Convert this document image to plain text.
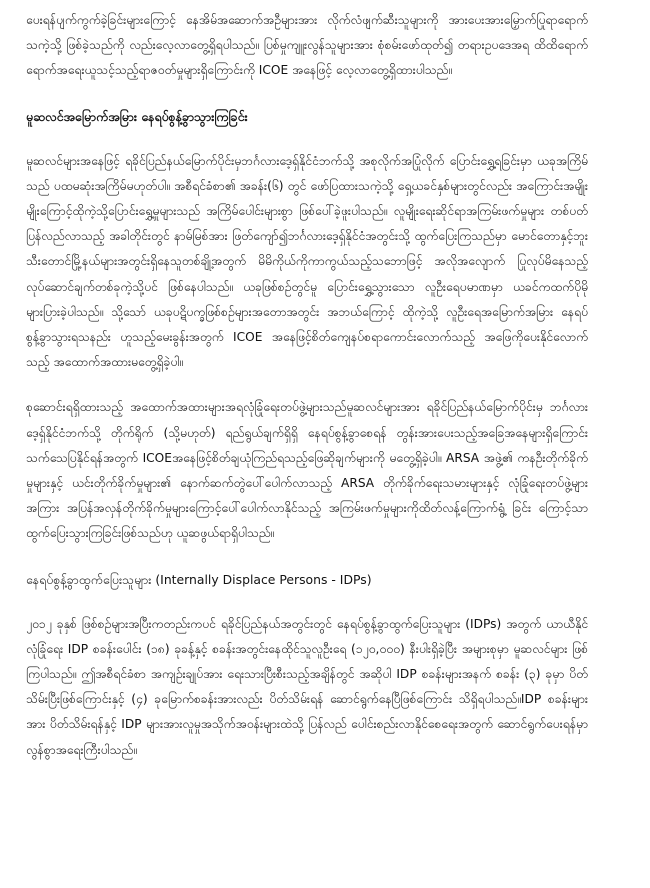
ပေးရန်ပျက်ကွက်ခဲ့ခြင်းများကြောင့် နေအိမ်အဆောက်အဦများအား လိုက်လံဖျက်ဆီးသူများကို အားပေးအားမြှောက်ပြုရာရောက်သကဲ့သို့ ဖြစ်ခဲ့သည်ကို လည်းလေ့လာတွေ့ရှိရပါသည်။ ပြစ်မှုကျူးလွန်သူများအား စုံစမ်းဖော်ထုတ်၍ တရားဥပဒေအရ ထိထိရောက် ရောက်အရေးယူသင့်သည့်ရာဇဝတ်မှုများရှိကြောင်းကို ICOE အနေဖြင့် လေ့လာတွေ့ရှိထားပါသည်။

မူဆလင်အမြောက်အမြား နေရပ်စွန့်ခွာသွားကြခြင်း

မူဆလင်များအနေဖြင့် ရခိုင်ပြည်နယ်မြောက်ပိုင်းမှဘင်္ဂလားဒေ့ရှ်နိုင်ငံဘက်သို့ အစုလိုက်အပြုံလိုက် ပြောင်းရွှေ့ရခြင်းမှာ ယခုအကြိမ်သည် ပထမဆုံးအကြိမ်မဟုတ်ပါ။ အစီရင်ခံစာ၏ အခန်း(၆) တွင် ဖော်ပြထားသကဲ့သို့ ရှေ့ယခင်နှစ်များတွင်လည်း အကြောင်းအမျိုးမျိုးကြောင့်ထိုကဲ့သို့ပြောင်းရွှေ့မှုများသည် အကြိမ်ပေါင်းများစွာ ဖြစ်ပေါ်ခဲ့ဖူးပါသည်။ လူမျိုးရေးဆိုင်ရာအကြမ်းဖက်မှုများ တစ်ပတ်ပြန်လည်လာသည့် အခါတိုင်းတွင် နာမ်မြစ်အား ဖြတ်ကျော်၍ဘင်္ဂလားဒေ့ရှ်နိုင်ငံအတွင်းသို့ ထွက်ပြေးကြသည်မှာ မောင်တောနှင့်ဘူးသီးတောင်မြို့နယ်များအတွင်းရှိနေသူတစ်ချို့အတွက် မိမိကိုယ်ကိုကာကွယ်သည့်သဘောဖြင့် အလိုအလျောက် ပြုလုပ်မိနေသည့် လုပ်ဆောင်ချက်တစ်ခုကဲ့သို့ပင် ဖြစ်နေပါသည်။ ယခုဖြစ်စဉ်တွင်မူ ပြောင်းရွှေ့သွားသော လူဦးရေပမာဏမှာ ယခင်ကထက်ပိုမိုများပြားခဲ့ပါသည်။ သို့သော် ယခုပဋိပက္ခဖြစ်စဉ်များအတောအတွင်း အဘယ်ကြောင့် ထိုကဲ့သို့ လူဦးရေအမြောက်အမြား နေရပ်စွန့်ခွာသွားရသနည်း ဟူသည့်မေးခွန်းအတွက် ICOE အနေဖြင့်စိတ်ကျေနပ်စရာကောင်းလောက်သည့် အဖြေကိုပေးနိုင်လောက်သည့် အထောက်အထားမတွေ့ရှိခဲ့ပါ။

စုဆောင်းရရှိထားသည့် အထောက်အထားများအရလုံခြုံရေးတပ်ဖွဲ့များသည်မူဆလင်များအား ရခိုင်ပြည်နယ်မြောက်ပိုင်းမှ ဘင်္ဂလားဒေ့ရှ်နိုင်ငံဘက်သို့ တိုက်ရိုက် (သို့မဟုတ်) ရည်ရွယ်ချက်ရှိရှိ နေရပ်စွန့်ခွာစေရန် တွန်းအားပေးသည့်အခြေအနေများရှိကြောင်း သက်သေပြနိုင်ရန်အတွက် ICOEအနေဖြင့်စိတ်ချယုံကြည်ရသည့်ဖြေဆိုချက်များကို မတွေ့ရှိခဲ့ပါ။ ARSA အဖွဲ့၏ ကနဦးတိုက်ခိုက်မှုများနှင့် ယင်းတိုက်ခိုက်မှုများ၏ နောက်ဆက်တွဲပေါ်ပေါက်လာသည့် ARSA တိုက်ခိုက်ရေးသမားများနှင့် လုံခြုံရေးတပ်ဖွဲ့များအကြား အပြန်အလှန်တိုက်ခိုက်မှုများကြောင့်ပေါ်ပေါက်လာနိုင်သည့် အကြမ်းဖက်မှုများကိုထိတ်လန့်ကြောက်ရွံ့ ခြင်း ကြောင့်သာထွက်ပြေးသွားကြခြင်းဖြစ်သည်ဟု ယူဆဖွယ်ရာရှိပါသည်။

နေရပ်စွန့်ခွာထွက်ပြေးသူများ (Internally Displace Persons - IDPs)

၂၀၁၂ ခုနှစ် ဖြစ်စဉ်များအပြီးကတည်းကပင် ရခိုင်ပြည်နယ်အတွင်းတွင် နေရပ်စွန့်ခွာထွက်ပြေးသူများ (IDPs) အတွက် ယာယီနိုင်လုံခြုံရေး IDP စခန်းပေါင်း (၁၈) ခုခန့်နှင့် စခန်းအတွင်းနေထိုင်သူလူဦးရေ (၁၂၀,၀၀၀) နီးပါးရှိခဲ့ပြီး အများစုမှာ မူဆလင်များ ဖြစ်ကြပါသည်။ ဤအစီရင်ခံစာ အကျဉ်းချုပ်အား ရေးသားပြီးစီးသည့်အချိန်တွင် အဆိုပါ IDP စခန်းများအနက် စခန်း (၃) ခုမှာ ပိတ်သိမ်းပြီးဖြစ်ကြောင်းနှင့် (၄) ခုမြောက်စခန်းအားလည်း ပိတ်သိမ်းရန် ဆောင်ရွက်နေပြီဖြစ်ကြောင်း သိရှိရပါသည်။IDP စခန်းများအား ပိတ်သိမ်းရန်နှင့် IDP များအားလူမှုအသိုက်အဝန်းများထဲသို့ ပြန်လည် ပေါင်းစည်းလာနိုင်စေရေးအတွက် ဆောင်ရွက်ပေးရန်မှာ လွန်စွာအရေးကြီးပါသည်။
